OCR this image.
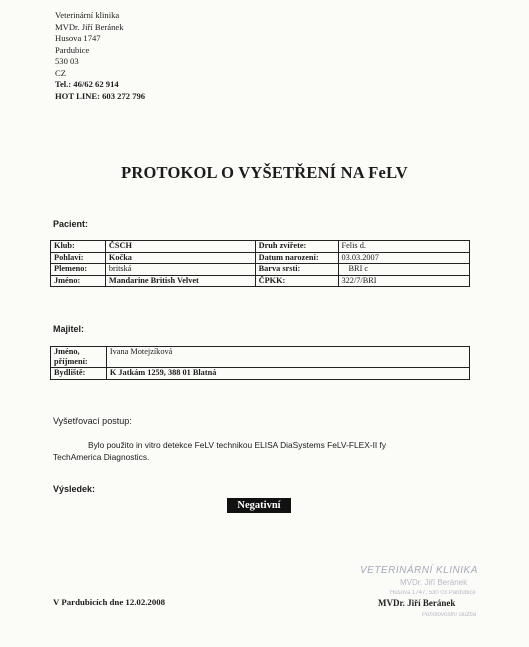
Veterinární klinika
MVDr. Jiří Beránek
Husova 1747
Pardubice
530 03
CZ
Tel.: 46/62 62 914
HOT LINE: 603 272 796
PROTOKOL O VYŠETŘENÍ NA FeLV
Pacient:
Klub:	ČSCH	Druh zvířete:	Felis d.
Pohlaví:	Kočka	Datum narození:	03.03.2007
Plemeno:	britská	Barva srsti:	BRI c
Jméno:	Mandarine British Velvet	ČPKK:	322/7/BRI
Majitel:
Jméno, příjmení:	Ivana Motejzíková
Bydliště:	K Jatkám 1259, 388 01 Blatná
Vyšetřovací postup:
Bylo použito in vitro detekce FeLV technikou ELISA DiaSystems FeLV-FLEX-II fy
TechAmerica Diagnostics.
Výsledek:
Negativní
VETERINÁRNÍ KLINIKA
MVDr. Jiří Beránek
Husova 1747, 530 03 Pardubice
Pohotovostní služba
V Pardubicích dne 12.02.2008	MVDr. Jiří Beránek
